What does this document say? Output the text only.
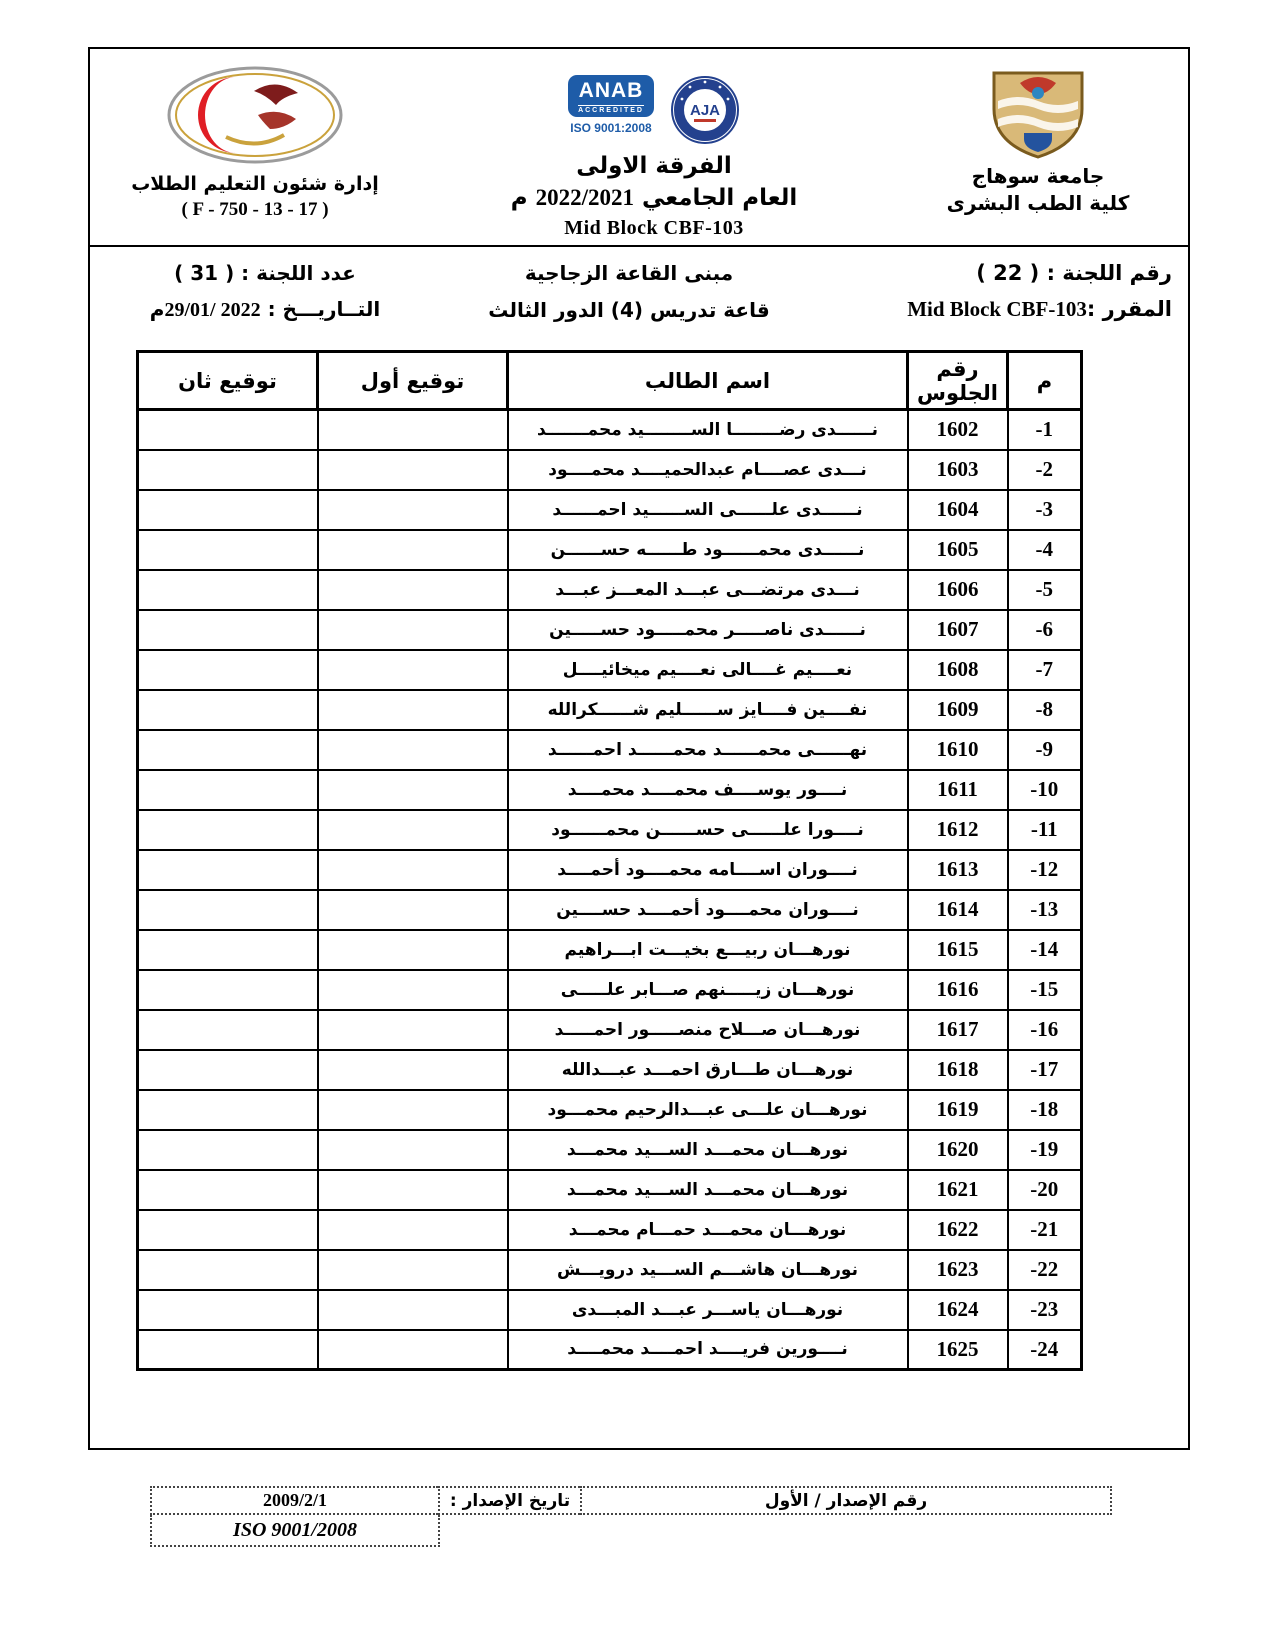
جامعة سوهاج
كلية الطب البشرى
ANAB
ACCREDITED
ISO 9001:2008
AJA
الفرقة الاولى
العام الجامعي 2022/2021 م
Mid Block CBF-103
إدارة شئون التعليم الطلاب
( F - 750 - 13 - 17 )
رقم اللجنة : ( 22 )
المقرر :Mid Block CBF-103
مبنى القاعة الزجاجية
قاعة تدريس (4) الدور الثالث
عدد اللجنة : ( 31 )
التــاريـــخ : 29/01/ 2022م
م	رقم الجلوس	اسم الطالب	توقيع أول	توقيع ثان
-1	1602	نــــــدى رضــــــــا الســــــــيد محمـــــــد		
-2	1603	نـــدى عصــــام عبدالحميــــد محمــــود		
-3	1604	نــــــدى علــــــى الســــــيد احمــــــد		
-4	1605	نــــــدى محمــــــود طــــــه حســــــن		
-5	1606	نـــدى مرتضـــى عبـــد المعـــز عبـــد		
-6	1607	نــــــدى ناصـــــر محمـــــود حســـــين		
-7	1608	نعــــيم غــــالى نعــــيم ميخائيــــل		
-8	1609	نفــــين فــــايز ســــــليم شــــــكرالله		
-9	1610	نهــــــى محمــــــد محمــــــد احمــــــد		
-10	1611	نــــور يوســــف محمــــد محمــــد		
-11	1612	نــــورا علــــــى حســــــن محمــــــود		
-12	1613	نــــوران اســــامه محمــــود أحمــــد		
-13	1614	نــــوران محمــــود أحمــــد حســــين		
-14	1615	نورهـــان ربيـــع بخيـــت ابـــراهيم		
-15	1616	نورهـــان زيـــــنهم صـــابر علـــــى		
-16	1617	نورهـــان صـــلاح منصـــــور احمـــــد		
-17	1618	نورهـــان طـــارق احمـــد عبـــدالله		
-18	1619	نورهـــان علـــى عبـــدالرحيم محمـــود		
-19	1620	نورهـــان محمـــد الســـيد محمـــد		
-20	1621	نورهـــان محمـــد الســـيد محمـــد		
-21	1622	نورهـــان محمـــد حمـــام محمـــد		
-22	1623	نورهـــان هاشـــم الســـيد درويـــش		
-23	1624	نورهـــان ياســـر عبـــد المبـــدى		
-24	1625	نــــورين فريــــد احمــــد محمــــد		
رقم الإصدار / الأول	تاريخ الإصدار :	2009/2/1
		ISO 9001/2008
